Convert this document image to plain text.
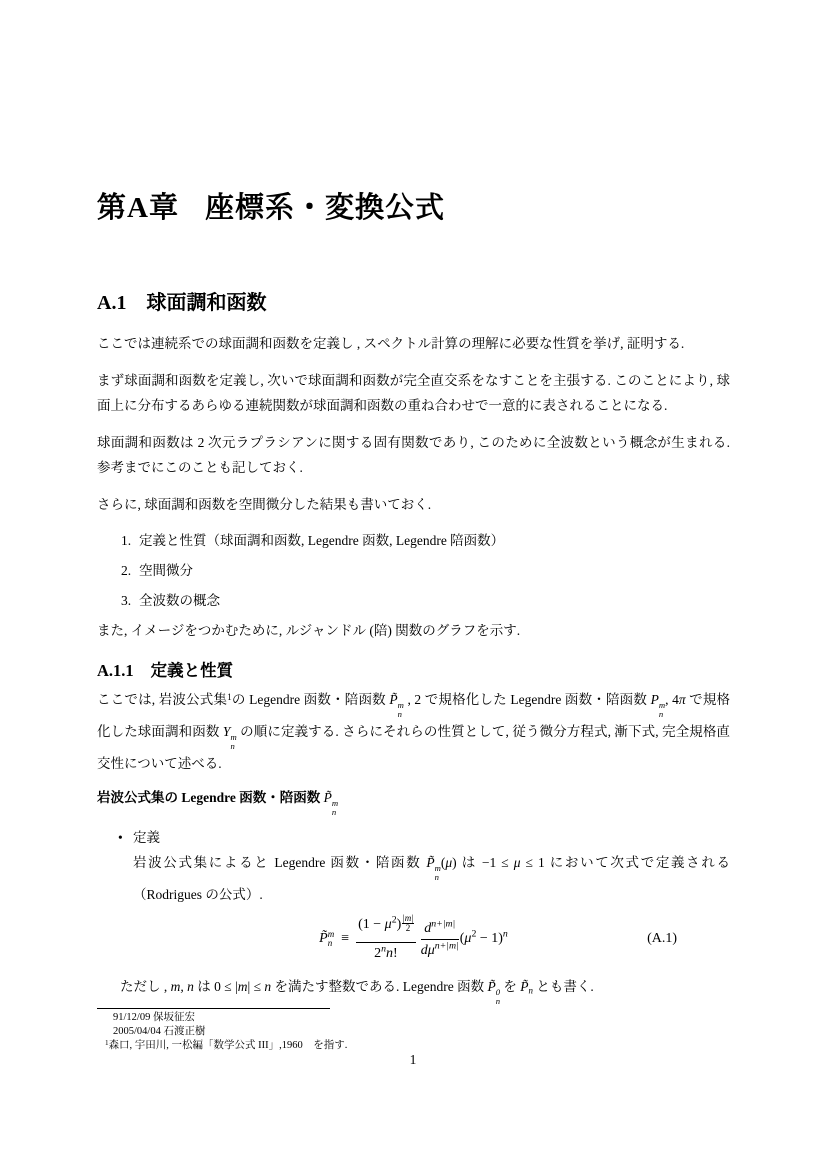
第A章 座標系・変換公式
A.1 球面調和函数

ここでは連続系での球面調和函数を定義し , スペクトル計算の理解に必要な性質を挙げ, 証明する.

まず球面調和函数を定義し, 次いで球面調和函数が完全直交系をなすことを主張する. このことにより, 球面上に分布するあらゆる連続関数が球面調和函数の重ね合わせで一意的に表されることになる.

球面調和函数は 2 次元ラプラシアンに関する固有関数であり, このために全波数という概念が生まれる. 参考までにこのことも記しておく.

さらに, 球面調和函数を空間微分した結果も書いておく.

1. 定義と性質（球面調和函数, Legendre 函数, Legendre 陪函数）
2. 空間微分
3. 全波数の概念

また, イメージをつかむために, ルジャンドル (陪) 関数のグラフを示す.

A.1.1 定義と性質

ここでは, 岩波公式集$^1$の Legendre 函数・陪函数 P̃ m
n
, 2 で規格化した Legendre 函数・陪函数 P m
n
, 4π で規格化した球面調和函数 Y m
n
の順に定義する. さらにそれらの性質として, 従う微分方程式, 漸下式, 完全規格直交性について述べる.

岩波公式集の Legendre 函数・陪函数 P̃ m
n

• 定義

岩波公式集によると Legendre 函数・陪函数 P̃ m
n
(μ) は −1 ≤ μ ≤ 1 において次式で定義される（Rodrigues の公式）.

P̃ m
$n \equiv \frac{(1 - \mu^2) \frac{|m|}{2}}{2^nn!} \frac{d^{n+|m|}}{d\mu^{n+|m|}} (\mu^2 - 1)^n$	(A.1)

ただし , m, n は 0 ≤ |m| ≤ n を満たす整数である. Legendre 函数 P̃ 0
n
を P̃n とも書く.

91/12/09 保坂征宏
2005/04/04 石渡正樹
$^1$森口, 宇田川, 一松編「数学公式 III」,1960　を指す.
1
